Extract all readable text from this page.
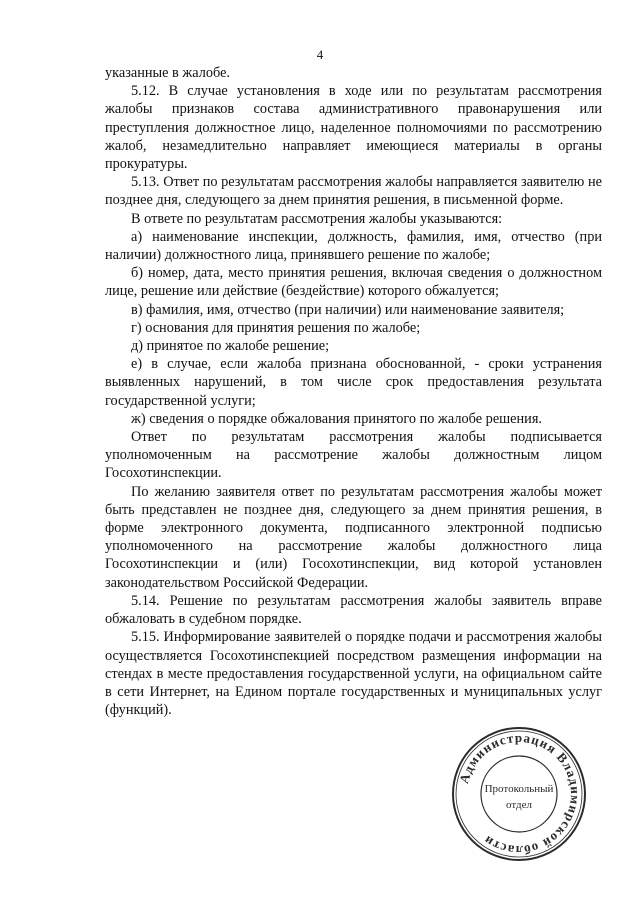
4

указанные в жалобе.

5.12. В случае установления в ходе или по результатам рассмотрения жалобы признаков состава административного правонарушения или преступления должностное лицо, наделенное полномочиями по рассмотрению жалоб, незамедлительно направляет имеющиеся материалы в органы прокуратуры.

5.13. Ответ по результатам рассмотрения жалобы направляется заявителю не позднее дня, следующего за днем принятия решения, в письменной форме.

В ответе по результатам рассмотрения жалобы указываются:

а) наименование инспекции, должность, фамилия, имя, отчество (при наличии) должностного лица, принявшего решение по жалобе;

б) номер, дата, место принятия решения, включая сведения о должностном лице, решение или действие (бездействие) которого обжалуется;

в) фамилия, имя, отчество (при наличии) или наименование заявителя;

г) основания для принятия решения по жалобе;

д) принятое по жалобе решение;

е) в случае, если жалоба признана обоснованной, - сроки устранения выявленных нарушений, в том числе срок предоставления результата государственной услуги;

ж) сведения о порядке обжалования принятого по жалобе решения.

Ответ по результатам рассмотрения жалобы подписывается уполномоченным на рассмотрение жалобы должностным лицом Госохотинспекции.

По желанию заявителя ответ по результатам рассмотрения жалобы может быть представлен не позднее дня, следующего за днем принятия решения, в форме электронного документа, подписанного электронной подписью уполномоченного на рассмотрение жалобы должностного лица Госохотинспекции и (или) Госохотинспекции, вид которой установлен законодательством Российской Федерации.

5.14. Решение по результатам рассмотрения жалобы заявитель вправе обжаловать в судебном порядке.

5.15. Информирование заявителей о порядке подачи и рассмотрения жалобы осуществляется Госохотинспекцией посредством размещения информации на стендах в месте предоставления государственной услуги, на официальном сайте в сети Интернет, на Едином портале государственных и муниципальных услуг (функций).

Администрация Владимирской области
Протокольный
отдел
